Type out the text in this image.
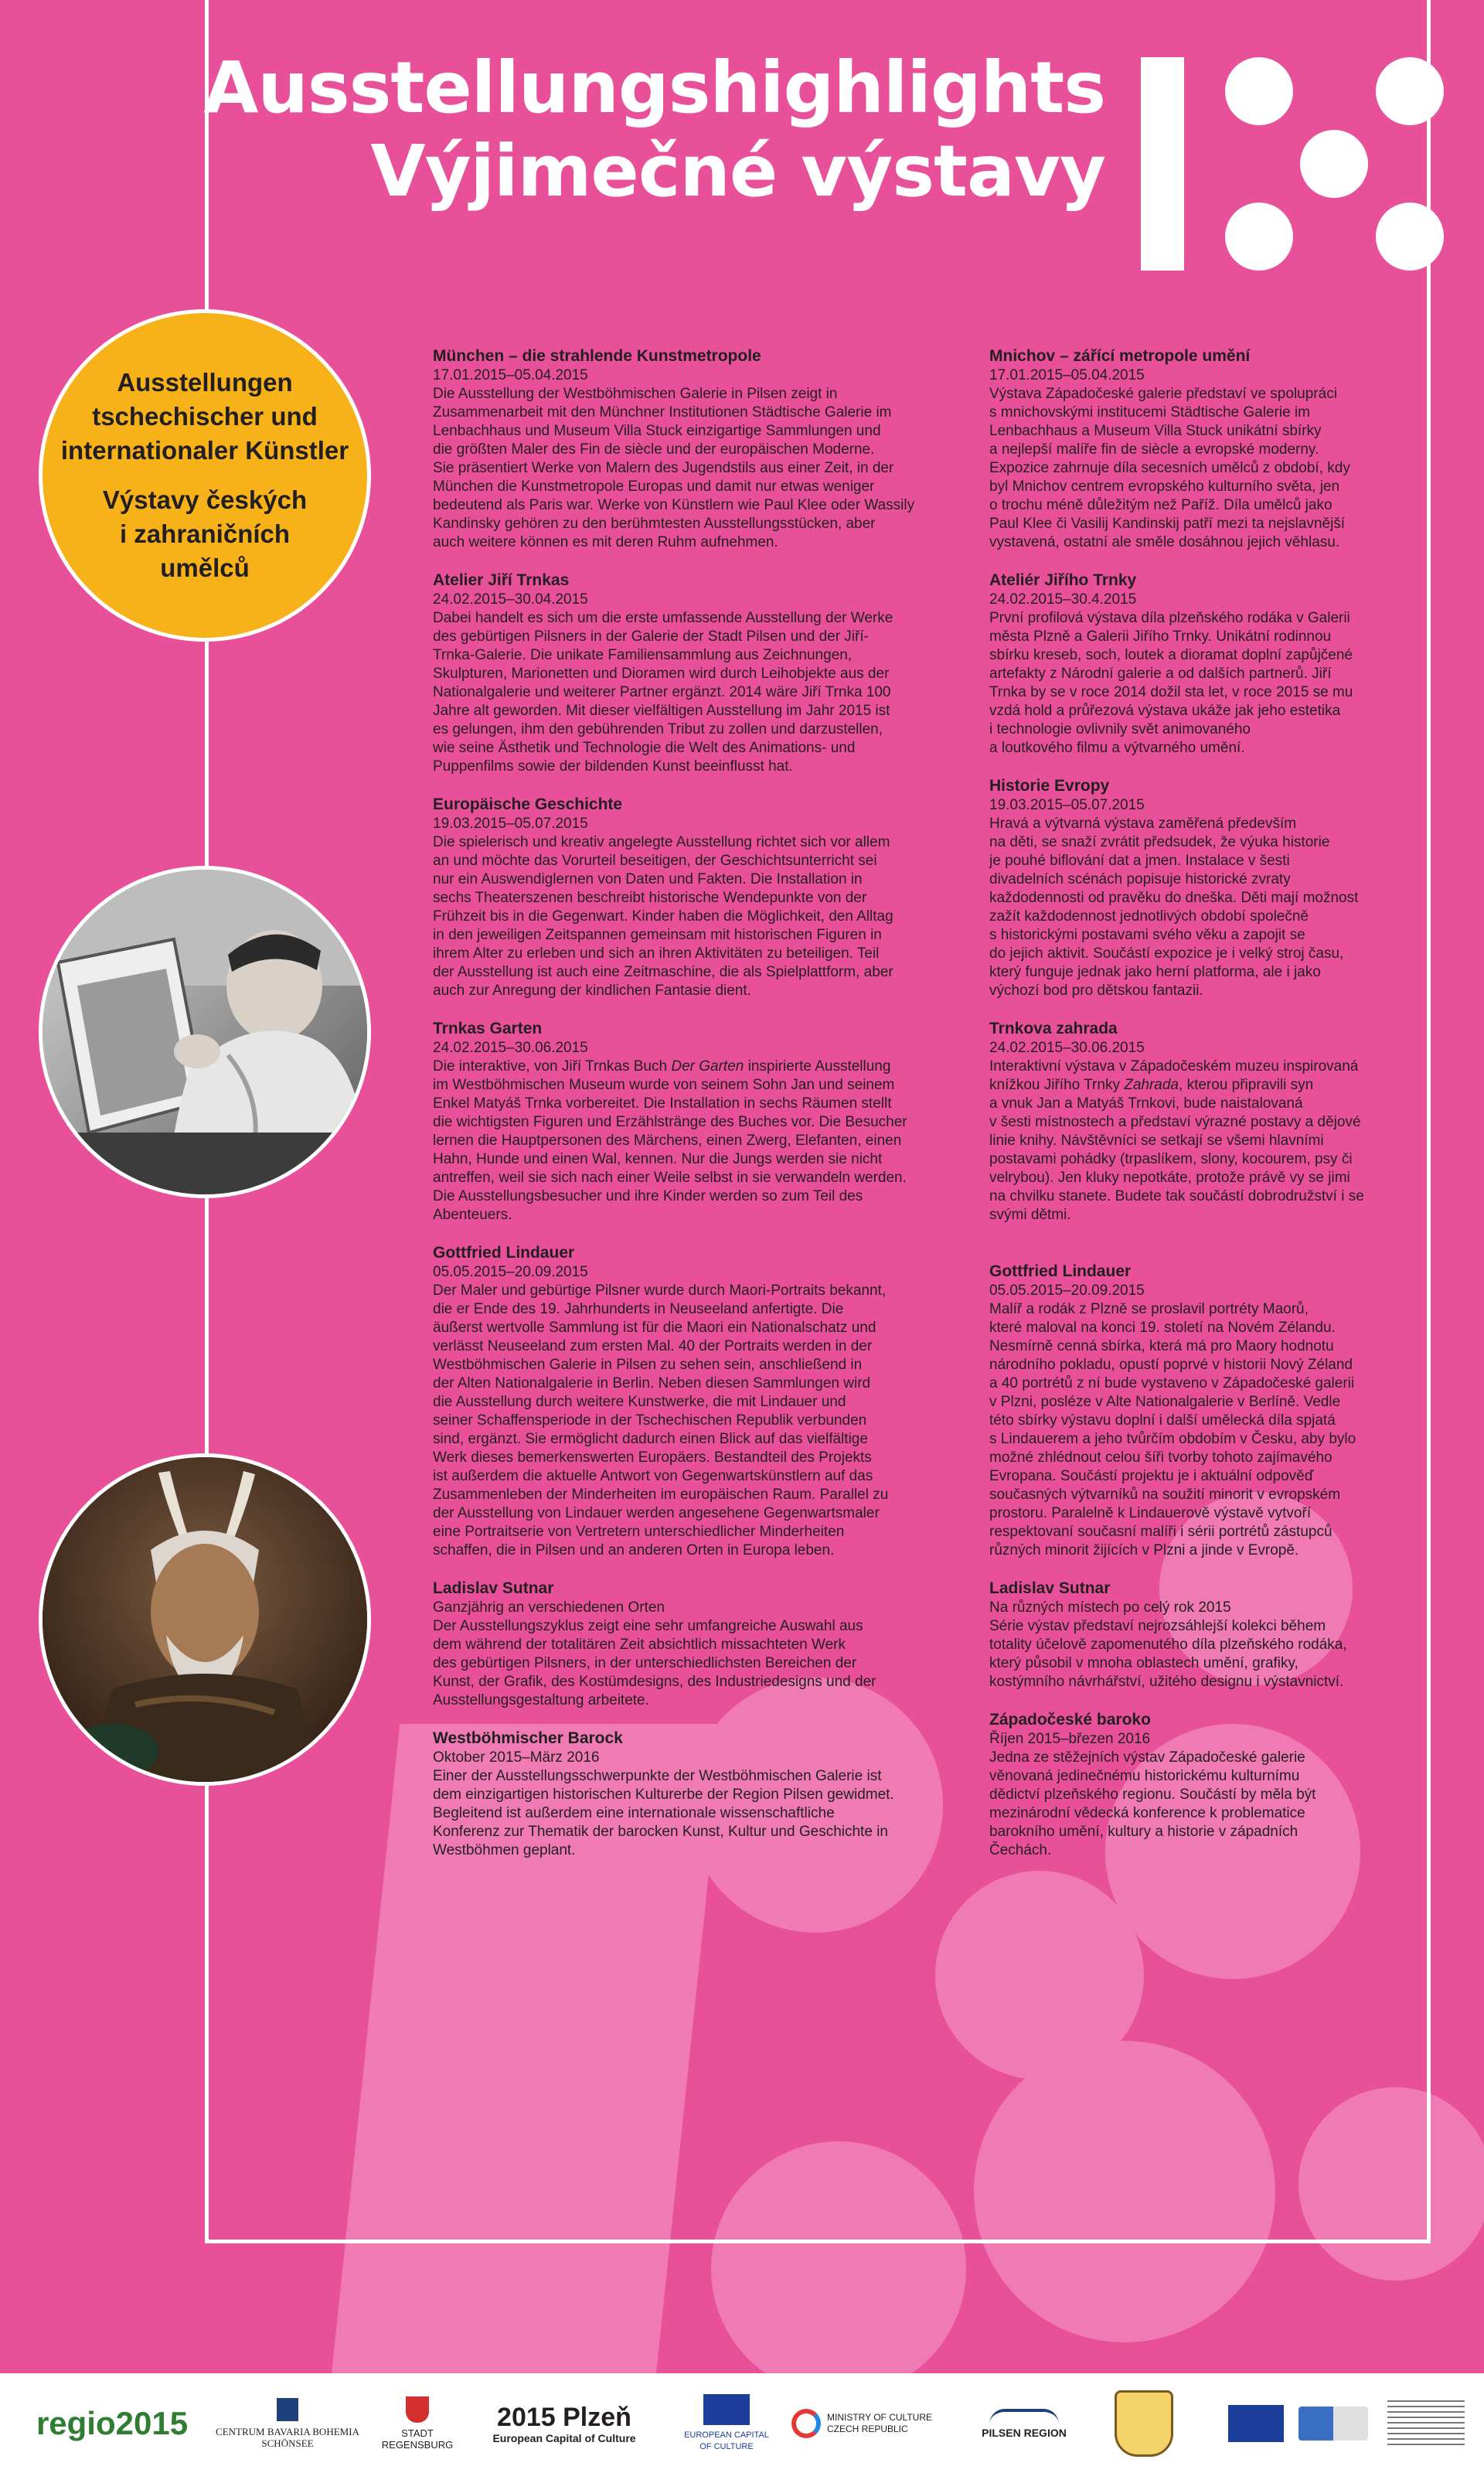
Ausstellungshighlights
Výjimečné výstavy
Ausstellungen
tschechischer und
internationaler Künstler
Výstavy českých
i zahraničních
umělců
München – die strahlende Kunstmetropole
17.01.2015–05.04.2015
Die Ausstellung der Westböhmischen Galerie in Pilsen zeigt in
Zusammenarbeit mit den Münchner Institutionen Städtische Galerie im
Lenbachhaus und Museum Villa Stuck einzigartige Sammlungen und
die größten Maler des Fin de siècle und der europäischen Moderne.
Sie präsentiert Werke von Malern des Jugendstils aus einer Zeit, in der
München die Kunstmetropole Europas und damit nur etwas weniger
bedeutend als Paris war. Werke von Künstlern wie Paul Klee oder Wassily
Kandinsky gehören zu den berühmtesten Ausstellungsstücken, aber
auch weitere können es mit deren Ruhm aufnehmen.
Atelier Jiří Trnkas
24.02.2015–30.04.2015
Dabei handelt es sich um die erste umfassende Ausstellung der Werke
des gebürtigen Pilsners in der Galerie der Stadt Pilsen und der Jiří-
Trnka-Galerie. Die unikate Familiensammlung aus Zeichnungen,
Skulpturen, Marionetten und Dioramen wird durch Leihobjekte aus der
Nationalgalerie und weiterer Partner ergänzt. 2014 wäre Jiří Trnka 100
Jahre alt geworden. Mit dieser vielfältigen Ausstellung im Jahr 2015 ist
es gelungen, ihm den gebührenden Tribut zu zollen und darzustellen,
wie seine Ästhetik und Technologie die Welt des Animations- und
Puppenfilms sowie der bildenden Kunst beeinflusst hat.
Europäische Geschichte
19.03.2015–05.07.2015
Die spielerisch und kreativ angelegte Ausstellung richtet sich vor allem
an und möchte das Vorurteil beseitigen, der Geschichtsunterricht sei
nur ein Auswendiglernen von Daten und Fakten. Die Installation in
sechs Theaterszenen beschreibt historische Wendepunkte von der
Frühzeit bis in die Gegenwart. Kinder haben die Möglichkeit, den Alltag
in den jeweiligen Zeitspannen gemeinsam mit historischen Figuren in
ihrem Alter zu erleben und sich an ihren Aktivitäten zu beteiligen. Teil
der Ausstellung ist auch eine Zeitmaschine, die als Spielplattform, aber
auch zur Anregung der kindlichen Fantasie dient.
Trnkas Garten
24.02.2015–30.06.2015
Die interaktive, von Jiří Trnkas Buch Der Garten inspirierte Ausstellung
im Westböhmischen Museum wurde von seinem Sohn Jan und seinem
Enkel Matyáš Trnka vorbereitet. Die Installation in sechs Räumen stellt
die wichtigsten Figuren und Erzählstränge des Buches vor. Die Besucher
lernen die Hauptpersonen des Märchens, einen Zwerg, Elefanten, einen
Hahn, Hunde und einen Wal, kennen. Nur die Jungs werden sie nicht
antreffen, weil sie sich nach einer Weile selbst in sie verwandeln werden.
Die Ausstellungsbesucher und ihre Kinder werden so zum Teil des
Abenteuers.
Gottfried Lindauer
05.05.2015–20.09.2015
Der Maler und gebürtige Pilsner wurde durch Maori-Portraits bekannt,
die er Ende des 19. Jahrhunderts in Neuseeland anfertigte. Die
äußerst wertvolle Sammlung ist für die Maori ein Nationalschatz und
verlässt Neuseeland zum ersten Mal. 40 der Portraits werden in der
Westböhmischen Galerie in Pilsen zu sehen sein, anschließend in
der Alten Nationalgalerie in Berlin. Neben diesen Sammlungen wird
die Ausstellung durch weitere Kunstwerke, die mit Lindauer und
seiner Schaffensperiode in der Tschechischen Republik verbunden
sind, ergänzt. Sie ermöglicht dadurch einen Blick auf das vielfältige
Werk dieses bemerkenswerten Europäers. Bestandteil des Projekts
ist außerdem die aktuelle Antwort von Gegenwartskünstlern auf das
Zusammenleben der Minderheiten im europäischen Raum. Parallel zu
der Ausstellung von Lindauer werden angesehene Gegenwartsmaler
eine Portraitserie von Vertretern unterschiedlicher Minderheiten
schaffen, die in Pilsen und an anderen Orten in Europa leben.
Ladislav Sutnar
Ganzjährig an verschiedenen Orten
Der Ausstellungszyklus zeigt eine sehr umfangreiche Auswahl aus
dem während der totalitären Zeit absichtlich missachteten Werk
des gebürtigen Pilsners, in der unterschiedlichsten Bereichen der
Kunst, der Grafik, des Kostümdesigns, des Industriedesigns und der
Ausstellungsgestaltung arbeitete.
Westböhmischer Barock
Oktober 2015–März 2016
Einer der Ausstellungsschwerpunkte der Westböhmischen Galerie ist
dem einzigartigen historischen Kulturerbe der Region Pilsen gewidmet.
Begleitend ist außerdem eine internationale wissenschaftliche
Konferenz zur Thematik der barocken Kunst, Kultur und Geschichte in
Westböhmen geplant.
Mnichov – zářící metropole umění
17.01.2015–05.04.2015
Výstava Západočeské galerie představí ve spolupráci
s mnichovskými institucemi Städtische Galerie im
Lenbachhaus a Museum Villa Stuck unikátní sbírky
a nejlepší malíře fin de siècle a evropské moderny.
Expozice zahrnuje díla secesních umělců z období, kdy
byl Mnichov centrem evropského kulturního světa, jen
o trochu méně důležitým než Paříž. Díla umělců jako
Paul Klee či Vasilij Kandinskij patří mezi ta nejslavnější
vystavená, ostatní ale směle dosáhnou jejich věhlasu.
Ateliér Jiřího Trnky
24.02.2015–30.4.2015
První profilová výstava díla plzeňského rodáka v Galerii
města Plzně a Galerii Jiřího Trnky. Unikátní rodinnou
sbírku kreseb, soch, loutek a dioramat doplní zapůjčené
artefakty z Národní galerie a od dalších partnerů. Jiří
Trnka by se v roce 2014 dožil sta let, v roce 2015 se mu
vzdá hold a průřezová výstava ukáže jak jeho estetika
i technologie ovlivnily svět animovaného
a loutkového filmu a výtvarného umění.
Historie Evropy
19.03.2015–05.07.2015
Hravá a výtvarná výstava zaměřená především
na děti, se snaží zvrátit předsudek, že výuka historie
je pouhé biflování dat a jmen. Instalace v šesti
divadelních scénách popisuje historické zvraty
každodennosti od pravěku do dneška. Děti mají možnost
zažít každodennost jednotlivých období společně
s historickými postavami svého věku a zapojit se
do jejich aktivit. Součástí expozice je i velký stroj času,
který funguje jednak jako herní platforma, ale i jako
výchozí bod pro dětskou fantazii.
Trnkova zahrada
24.02.2015–30.06.2015
Interaktivní výstava v Západočeském muzeu inspirovaná
knížkou Jiřího Trnky Zahrada, kterou připravili syn
a vnuk Jan a Matyáš Trnkovi, bude naistalovaná
v šesti místnostech a představí výrazné postavy a dějové
linie knihy. Návštěvníci se setkají se všemi hlavními
postavami pohádky (trpaslíkem, slony, kocourem, psy či
velrybou). Jen kluky nepotkáte, protože právě vy se jimi
na chvilku stanete. Budete tak součástí dobrodružství i se
svými dětmi.
Gottfried Lindauer
05.05.2015–20.09.2015
Malíř a rodák z Plzně se proslavil portréty Maorů,
které maloval na konci 19. století na Novém Zélandu.
Nesmírně cenná sbírka, která má pro Maory hodnotu
národního pokladu, opustí poprvé v historii Nový Zéland
a 40 portrétů z ní bude vystaveno v Západočeské galerii
v Plzni, posléze v Alte Nationalgalerie v Berlíně. Vedle
této sbírky výstavu doplní i další umělecká díla spjatá
s Lindauerem a jeho tvůrčím obdobím v Česku, aby bylo
možné zhlédnout celou šíři tvorby tohoto zajímavého
Evropana. Součástí projektu je i aktuální odpověď
současných výtvarníků na soužití minorit v evropském
prostoru. Paralelně k Lindauerově výstavě vytvoří
respektovaní současní malíři i sérii portrétů zástupců
různých minorit žijících v Plzni a jinde v Evropě.
Ladislav Sutnar
Na různých místech po celý rok 2015
Série výstav představí nejrozsáhlejší kolekci během
totality účelově zapomenutého díla plzeňského rodáka,
který působil v mnoha oblastech umění, grafiky,
kostýmního návrhářství, užitého designu i výstavnictví.
Západočeské baroko
Říjen 2015–březen 2016
Jedna ze stěžejních výstav Západočeské galerie
věnovaná jedinečnému historickému kulturnímu
dědictví plzeňského regionu. Součástí by měla být
mezinárodní vědecká konference k problematice
barokního umění, kultury a historie v západních
Čechách.
regio2015	CENTRUM BAVARIA BOHEMIA
SCHÖNSEE
STADT
REGENSBURG
2015 Plzeň
European Capital of Culture	EUROPEAN CAPITAL
OF CULTURE
MINISTRY OF CULTURE
CZECH REPUBLIC	PILSEN REGION
